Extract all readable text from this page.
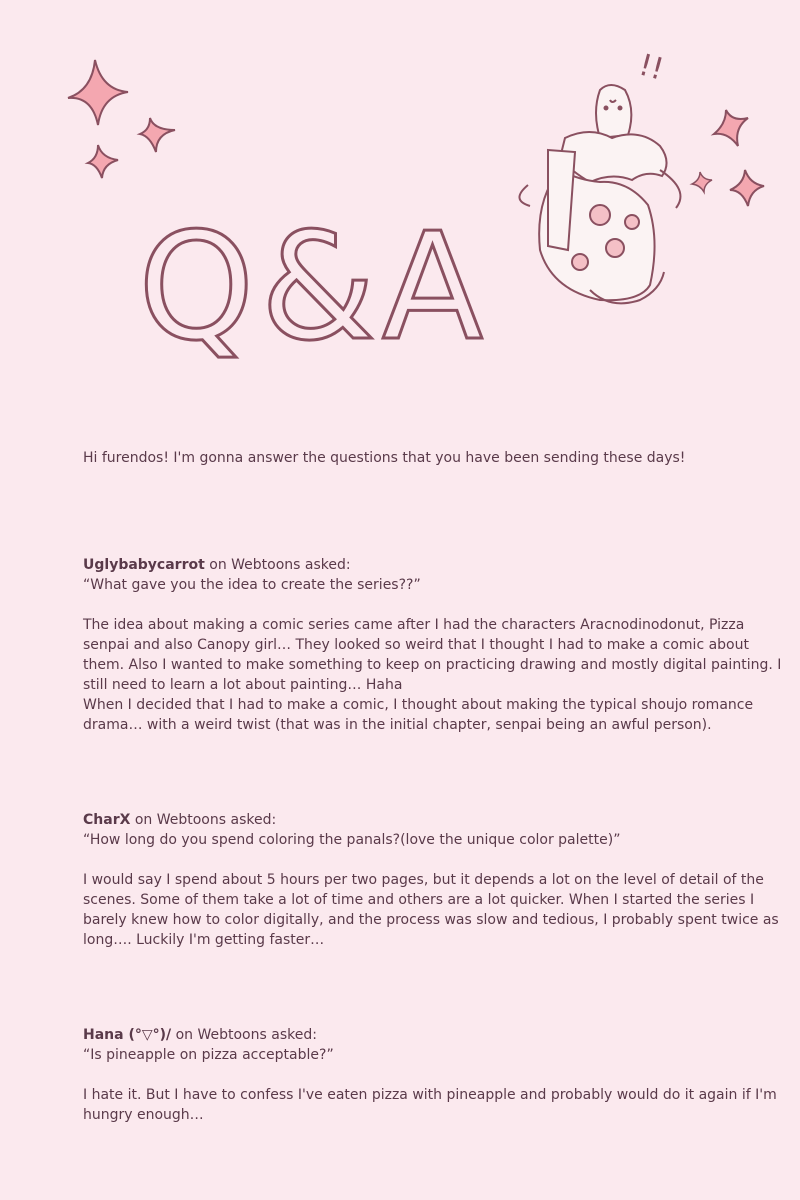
Q&A
!!

Hi furendos! I'm gonna answer the questions that you have been sending these days!

Uglybabycarrot on Webtoons asked:

“What gave you the idea to create the series??”

The idea about making a comic series came after I had the characters Aracnodinodonut, Pizza senpai and also Canopy girl… They looked so weird that I thought I had to make a comic about them. Also I wanted to make something to keep on practicing drawing and mostly digital painting. I still need to learn a lot about painting… Haha

When I decided that I had to make a comic, I thought about making the typical shoujo romance drama… with a weird twist (that was in the initial chapter, senpai being an awful person).

CharX on Webtoons asked:

“How long do you spend coloring the panals?(love the unique color palette)”

I would say I spend about 5 hours per two pages, but it depends a lot on the level of detail of the scenes. Some of them take a lot of time and others are a lot quicker. When I started the series I barely knew how to color digitally, and the process was slow and tedious, I probably spent twice as long…. Luckily I'm getting faster…

Hana (°▽°)/ on Webtoons asked:

“Is pineapple on pizza acceptable?”

I hate it. But I have to confess I've eaten pizza with pineapple and probably would do it again if I'm hungry enough…
